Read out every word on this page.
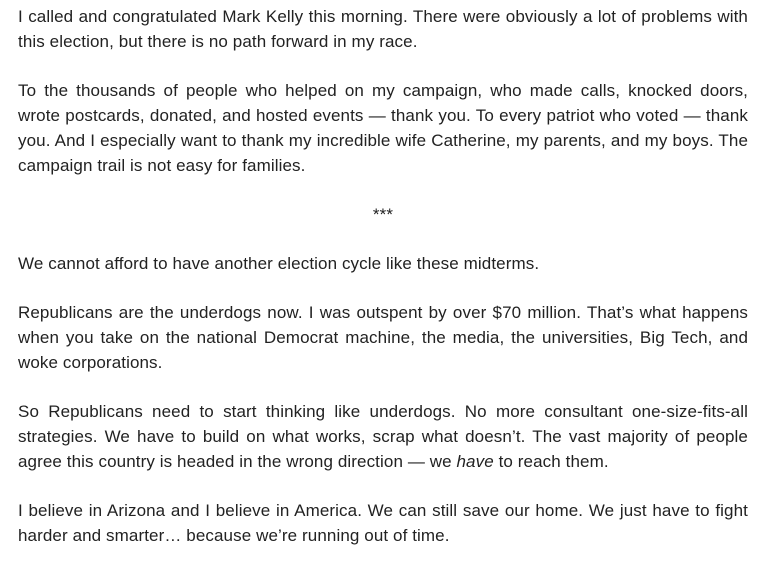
I called and congratulated Mark Kelly this morning. There were obviously a lot of problems with this election, but there is no path forward in my race.

To the thousands of people who helped on my campaign, who made calls, knocked doors, wrote postcards, donated, and hosted events — thank you. To every patriot who voted — thank you. And I especially want to thank my incredible wife Catherine, my parents, and my boys. The campaign trail is not easy for families.

***

We cannot afford to have another election cycle like these midterms.

Republicans are the underdogs now. I was outspent by over $70 million. That’s what happens when you take on the national Democrat machine, the media, the universities, Big Tech, and woke corporations.

So Republicans need to start thinking like underdogs. No more consultant one-size-fits-all strategies. We have to build on what works, scrap what doesn’t. The vast majority of people agree this country is headed in the wrong direction — we have to reach them.

I believe in Arizona and I believe in America. We can still save our home. We just have to fight harder and smarter… because we’re running out of time.
